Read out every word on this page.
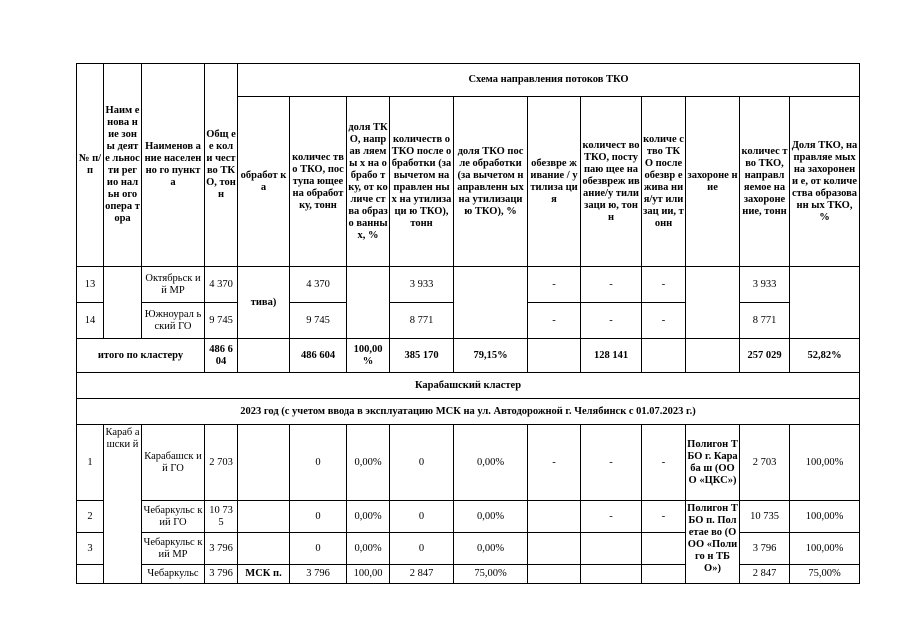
№ п/п	Наим енова ние зоны деяте льнос ти регио нальн ого опера тора	Наименов ание населенно го пункта	Общ ее коли чест во ТКО, тонн	Схема направления потоков ТКО										
				обработ ка	количес тво ТКО, поступа ющее на обработ ку, тонн	доля ТКО, направ ляемы х на обрабо тку, от количе ства образо ванны х, %	количеств о ТКО после обработки (за вычетом направлен ных на утилизаци ю ТКО), тонн	доля ТКО после обработки (за вычетом направленн ых на утилизацию ТКО), %	обезвре живание / утилиза ция	количест во ТКО, поступаю щее на обезвреж ивание/у тилизаци ю, тонн	количе ство ТКО после обезвр ежива ния/ут илизац ии, тонн	захороне ние	количес тво ТКО, направл яемое на захороне ние, тонн	Доля ТКО, направляе мых на захоронени е, от количества образованн ых ТКО, %
13		Октябрьск ий МР	4 370	тива)	4 370		3 933		-	-	-		3 933	
14		Южноурал ьский ГО	9 745		9 745		8 771		-	-	-		8 771	
итого по кластеру			486 6 04		486 604	100,00 %	385 170	79,15%		128 141			257 029	52,82%
Карабашский кластер														
2023 год (с учетом ввода в эксплуатацию МСК на ул. Автодорожной г. Челябинск с 01.07.2023 г.)														
1	Караб ашски й	Карабашск ий ГО	2 703		0	0,00%	0	0,00%	-	-	-	Полигон ТБО г. Караба ш (ООО «ЦКС»)	2 703	100,00%
2		Чебаркульс кий ГО	10 73 5		0	0,00%	0	0,00%		-	-	Полигон ТБО п. Полетае во (ООО «Полиго н ТБО»)	10 735	100,00%
3		Чебаркульс кий МР	3 796		0	0,00%	0	0,00%					3 796	100,00%
		Чебаркульс	3 796	МСК п.	3 796	100,00	2 847	75,00%					2 847	75,00%
